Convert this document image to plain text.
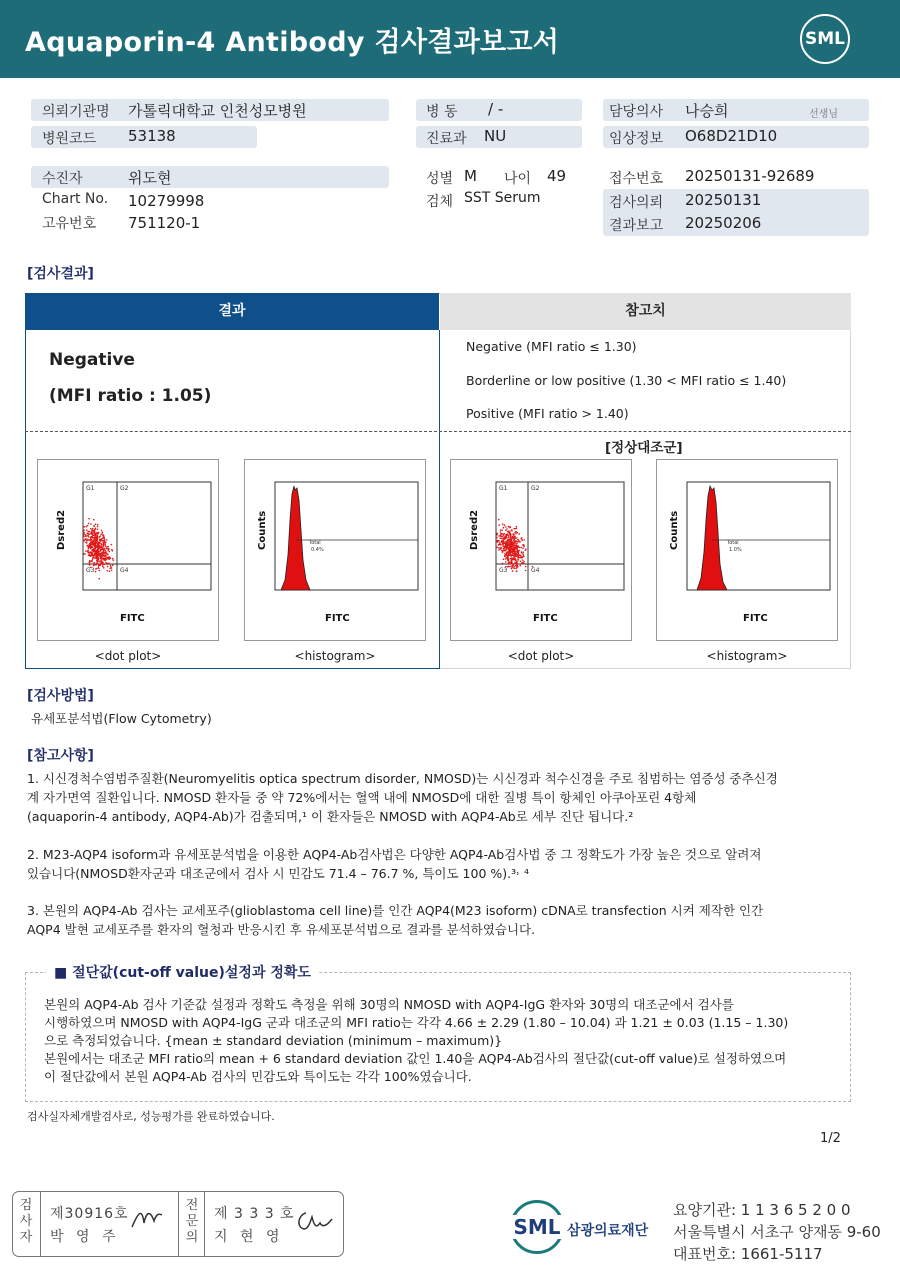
Aquaporin-4 Antibody 검사결과보고서	SML
의뢰기관명 가톨릭대학교 인천성모병원	병 동 / -	담당의사 나승희	선생님
병원코드 53138	진료과 NU	임상정보 O68D21D10
수진자	위도현	성별 M 나이 49	접수번호 20250131-92689
Chart No. 10279998	검체 SST Serum	검사의뢰 20250131
고유번호 751120-1	결과보고 20250206
[검사결과]
결과	참고치
Negative
(MFI ratio : 1.05)
Negative (MFI ratio ≤ 1.30)
Borderline or low positive (1.30 < MFI ratio ≤ 1.40)
Positive (MFI ratio > 1.40)
[정상대조군]
G1	G2
G3	G4
Dsred2
FITC
Total
0.4%
Counts
FITC
G1	G2
G3	G4
Dsred2
FITC
Total
1.0%
Counts
FITC
<dot plot>	<histogram>	<dot plot>	<histogram>
[검사방법]
유세포분석법(Flow Cytometry)
[참고사항]

1. 시신경척수염범주질환(Neuromyelitis optica spectrum disorder, NMOSD)는 시신경과 척수신경을 주로 침범하는 염증성 중추신경

계 자가면역 질환입니다. NMOSD 환자들 중 약 72%에서는 혈액 내에 NMOSD에 대한 질병 특이 항체인 아쿠아포린 4항체

(aquaporin-4 antibody, AQP4-Ab)가 검출되며,¹ 이 환자들은 NMOSD with AQP4-Ab로 세부 진단 됩니다.²

2. M23-AQP4 isoform과 유세포분석법을 이용한 AQP4-Ab검사법은 다양한 AQP4-Ab검사법 중 그 정확도가 가장 높은 것으로 알려져

있습니다(NMOSD환자군과 대조군에서 검사 시 민감도 71.4 – 76.7 %, 특이도 100 %).³˒ ⁴

3. 본원의 AQP4-Ab 검사는 교세포주(glioblastoma cell line)를 인간 AQP4(M23 isoform) cDNA로 transfection 시켜 제작한 인간

AQP4 발현 교세포주를 환자의 혈청과 반응시킨 후 유세포분석법으로 결과를 분석하였습니다.

■ 절단값(cut-off value)설정과 정확도

본원의 AQP4-Ab 검사 기준값 설정과 정확도 측정을 위해 30명의 NMOSD with AQP4-IgG 환자와 30명의 대조군에서 검사를

시행하였으며 NMOSD with AQP4-IgG 군과 대조군의 MFI ratio는 각각 4.66 ± 2.29 (1.80 – 10.04) 과 1.21 ± 0.03 (1.15 – 1.30)

으로 측정되었습니다. {mean ± standard deviation (minimum – maximum)}

본원에서는 대조군 MFI ratio의 mean + 6 standard deviation 값인 1.40을 AQP4-Ab검사의 절단값(cut-off value)로 설정하였으며

이 절단값에서 본원 AQP4-Ab 검사의 민감도와 특이도는 각각 100%였습니다.

검사실자체개발검사로, 성능평가를 완료하였습니다.
1/2
검사자
제30916호
박 영 주
전문의
제 3 3 3 호
지 현 영	SML 삼광의료재단
요양기관: 1 1 3 6 5 2 0 0
서울특별시 서초구 양재동 9-60
대표번호: 1661-5117
